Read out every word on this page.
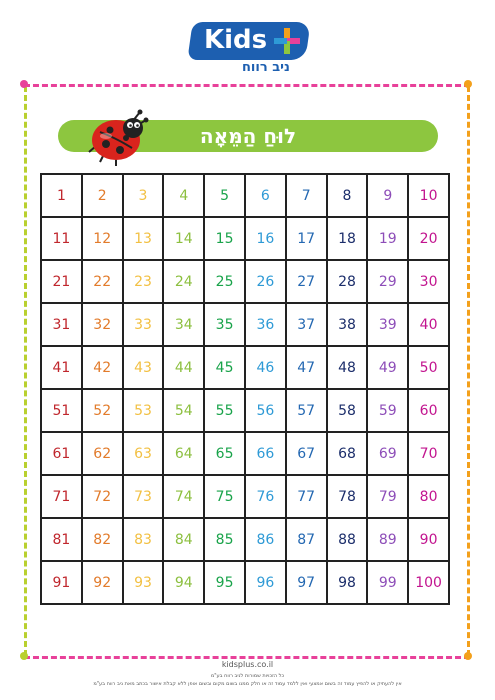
Kids
ניב רווח
לוּחַ הַמֵּאָה
1	2	3	4	5	6	7	8	9	10
11	12	13	14	15	16	17	18	19	20
21	22	23	24	25	26	27	28	29	30
31	32	33	34	35	36	37	38	39	40
41	42	43	44	45	46	47	48	49	50
51	52	53	54	55	56	57	58	59	60
61	62	63	64	65	66	67	68	69	70
71	72	73	74	75	76	77	78	79	80
81	82	83	84	85	86	87	88	89	90
91	92	93	94	95	96	97	98	99	100
kidsplus.co.il
כל הזכויות שמורות לניב רווח בע"מ
אין להעתיק או להפיץ עמוד זה בשום אמצעי ואין ללמד עמוד זה או חלק ממנו בשום מקום ובשום אופן ללא קבלת אישור בכתב מאת ניב רווח בע"מ
